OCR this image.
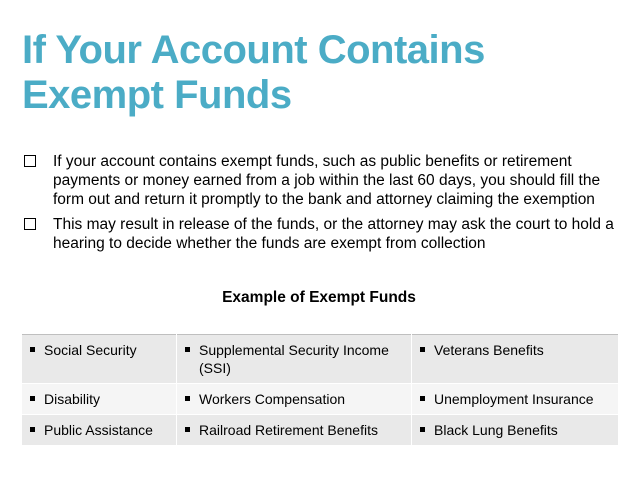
If Your Account Contains Exempt Funds
If your account contains exempt funds, such as public benefits or retirement payments or money earned from a job within the last 60 days, you should fill the form out and return it promptly to the bank and attorney claiming the exemption
This may result in release of the funds, or the attorney may ask the court to hold a hearing to decide whether the funds are exempt from collection
Example of Exempt Funds
Social Security	Supplemental Security Income (SSI)	Veterans Benefits

Disability	Workers Compensation	Unemployment Insurance

Public Assistance	Railroad Retirement Benefits	Black Lung Benefits
